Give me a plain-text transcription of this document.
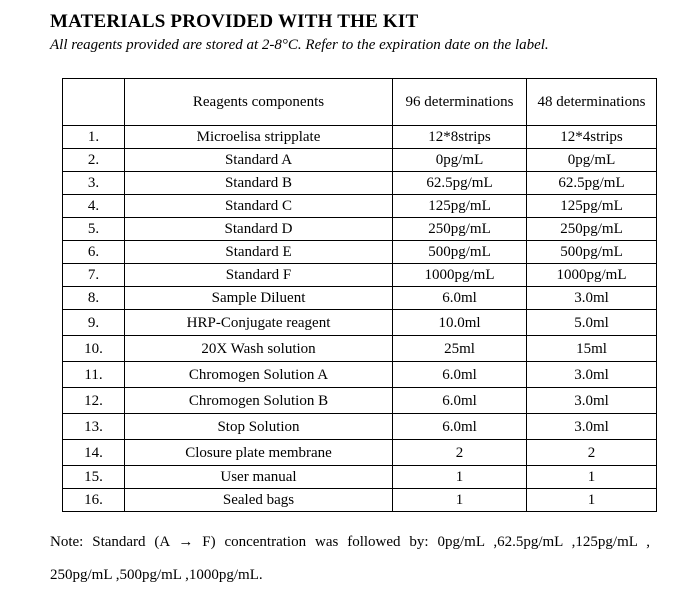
MATERIALS PROVIDED WITH THE KIT
All reagents provided are stored at 2-8°C. Refer to the expiration date on the label.
	Reagents components	96 determinations	48 determinations
1.	Microelisa stripplate	12*8strips	12*4strips
2.	Standard A	0pg/mL	0pg/mL
3.	Standard B	62.5pg/mL	62.5pg/mL
4.	Standard C	125pg/mL	125pg/mL
5.	Standard D	250pg/mL	250pg/mL
6.	Standard E	500pg/mL	500pg/mL
7.	Standard F	1000pg/mL	1000pg/mL
8.	Sample Diluent	6.0ml	3.0ml
9.	HRP-Conjugate reagent	10.0ml	5.0ml
10.	20X Wash solution	25ml	15ml
11.	Chromogen Solution A	6.0ml	3.0ml
12.	Chromogen Solution B	6.0ml	3.0ml
13.	Stop Solution	6.0ml	3.0ml
14.	Closure plate membrane	2	2
15.	User manual	1	1
16.	Sealed bags	1	1
Note: Standard (A → F) concentration was followed by: 0pg/mL ,62.5pg/mL ,125pg/mL ,
250pg/mL ,500pg/mL ,1000pg/mL.
